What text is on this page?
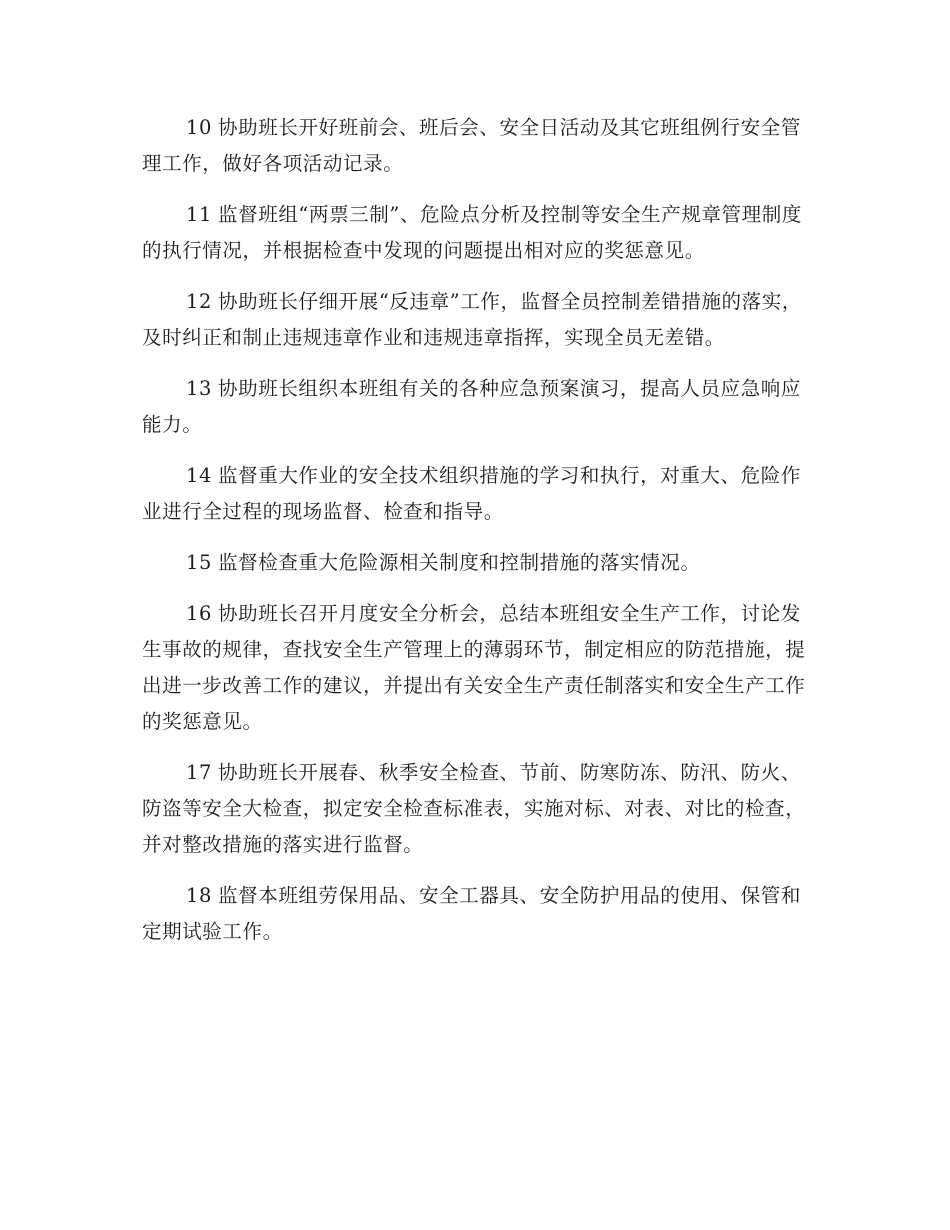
10 协助班长开好班前会、班后会、安全日活动及其它班组例行安全管理工作，做好各项活动记录。

11 监督班组“两票三制”、危险点分析及控制等安全生产规章管理制度的执行情况，并根据检查中发现的问题提出相对应的奖惩意见。

12 协助班长仔细开展“反违章”工作，监督全员控制差错措施的落实，及时纠正和制止违规违章作业和违规违章指挥，实现全员无差错。

13 协助班长组织本班组有关的各种应急预案演习，提高人员应急响应能力。

14 监督重大作业的安全技术组织措施的学习和执行，对重大、危险作业进行全过程的现场监督、检查和指导。

15 监督检查重大危险源相关制度和控制措施的落实情况。

16 协助班长召开月度安全分析会，总结本班组安全生产工作，讨论发生事故的规律，查找安全生产管理上的薄弱环节，制定相应的防范措施，提出进一步改善工作的建议，并提出有关安全生产责任制落实和安全生产工作的奖惩意见。

17 协助班长开展春、秋季安全检查、节前、防寒防冻、防汛、防火、防盗等安全大检查，拟定安全检查标准表，实施对标、对表、对比的检查，并对整改措施的落实进行监督。

18 监督本班组劳保用品、安全工器具、安全防护用品的使用、保管和定期试验工作。
